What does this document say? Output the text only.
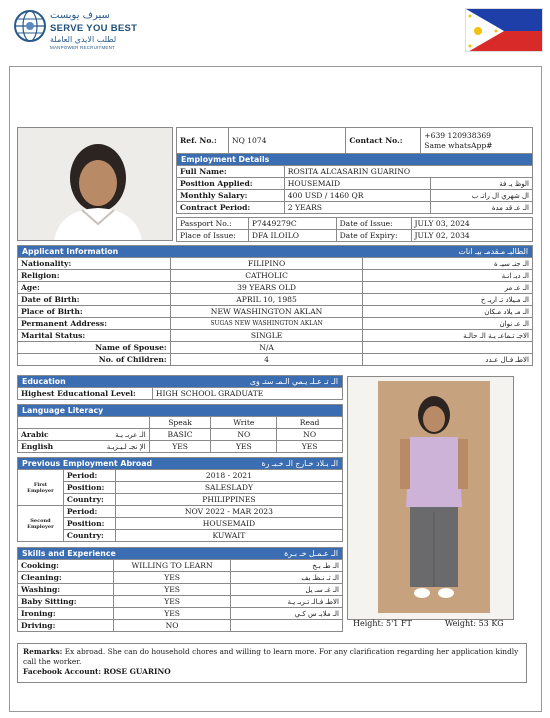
سيرف يوبست
SERVE YOU BEST
لطلب الايدي العاملة
MANPOWER RECRUITMENT
Ref. No.:	NQ 1074	Contact No.:	
+639 120938369
Same whatsApp#
Employment Details		
Full Name:	ROSITA ALCASARIN GUARINO	
Position Applied:	HOUSEMAID	الوظ يـ فة
Monthly Salary:	400 USD / 1460 QR	ال شهري ال راتـ ب
Contract Period:	2 YEARS	الـ عـ قد مدة
Passport No.:	P7449279C	Date of Issue:	JULY 03, 2024
Place of Issue:	DFA ILOILO	Date of Expiry:	JULY 02, 2034
Applicant Information الطالبـ مـقدمـ بيـ انات		

Nationality:	FILIPINO	الـ جنـ سيـ ة
Religion:	CATHOLIC	الـ ديـ انـة
Age:	39 YEARS OLD	الـ عـ مر
Date of Birth:	APRIL 10, 1985	الـ مـيلاد تـ اريـ خ
Place of Birth:	NEW WASHINGTON AKLAN	الـ مـ يلاد مـكان
Permanent Address:	SUGAS NEW WASHINGTON AKLAN	الـ عـ نوان
Marital Status:	SINGLE	الاجـ تـماعـ يـة الـ حالـة
Name of Spouse:	N/A	
No. of Children:	4	الاطـ فـال عـدد
Education	الـ تـ عـلـ يـمي الـمـ ستـ وى

Highest Educational Level:	HIGH SCHOOL GRADUATE
Language Literacy				
		Speak	Write	Read
Arabic	الـ عربـ يـة	BASIC	NO	NO
English	الإ نجـ لـيـزيـة	YES	YES	YES
Previous Employment Abroad الـ بـلاد خـارج الـ خـبـ رة		

First Employer	Period:	2018 - 2021
	Position:	SALESLADY
	Country:	PHILIPPINES
Second Employer	Period:	NOV 2022 - MAR 2023
	Position:	HOUSEMAID
	Country:	KUWAIT
Skills and Experience الـ عـمـل خـ بـرة		

Cooking:	WILLING TO LEARN	الـ طـ بـخ
Cleaning:	YES	الـ تـ نـظـ يف
Washing:	YES	الـ غـ سـ يل
Baby Sitting:	YES	الاطـ فـالـ تـربـ يـة
Ironing:	YES	الـ ملابـ س كـي
Driving:	NO		Height: 5'1 FT	Weight: 53 KG
Remarks: Ex abroad. She can do household chores and willing to learn more. For any clarification regarding her application kindly call the worker.
Facebook Account: ROSE GUARINO
